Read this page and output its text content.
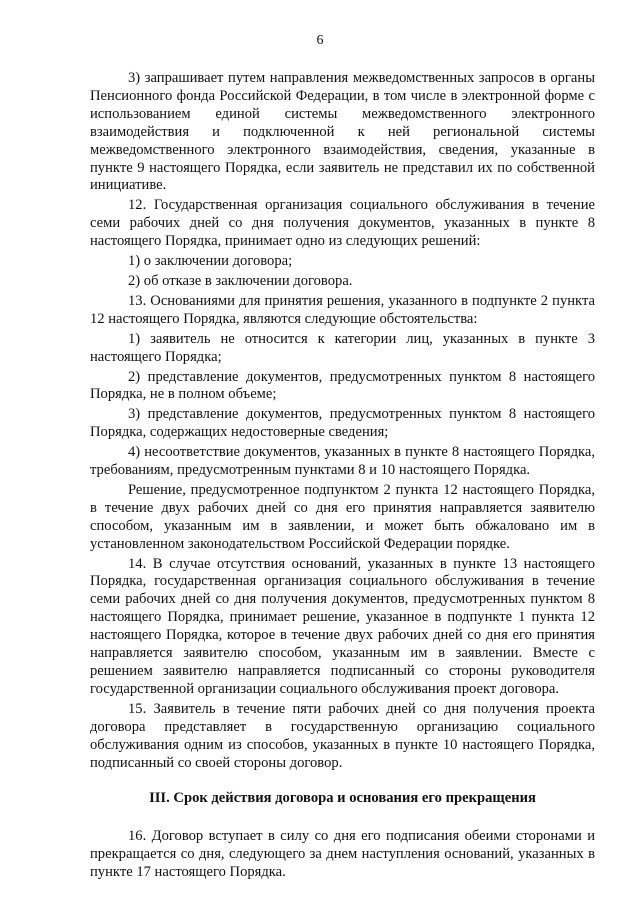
6

3) запрашивает путем направления межведомственных запросов в органы Пенсионного фонда Российской Федерации, в том числе в электронной форме с использованием единой системы межведомственного электронного взаимодействия и подключенной к ней региональной системы межведомственного электронного взаимодействия, сведения, указанные в пункте 9 настоящего Порядка, если заявитель не представил их по собственной инициативе.

12. Государственная организация социального обслуживания в течение семи рабочих дней со дня получения документов, указанных в пункте 8 настоящего Порядка, принимает одно из следующих решений:

1) о заключении договора;

2) об отказе в заключении договора.

13. Основаниями для принятия решения, указанного в подпункте 2 пункта 12 настоящего Порядка, являются следующие обстоятельства:

1) заявитель не относится к категории лиц, указанных в пункте 3 настоящего Порядка;

2) представление документов, предусмотренных пунктом 8 настоящего Порядка, не в полном объеме;

3) представление документов, предусмотренных пунктом 8 настоящего Порядка, содержащих недостоверные сведения;

4) несоответствие документов, указанных в пункте 8 настоящего Порядка, требованиям, предусмотренным пунктами 8 и 10 настоящего Порядка.

Решение, предусмотренное подпунктом 2 пункта 12 настоящего Порядка, в течение двух рабочих дней со дня его принятия направляется заявителю способом, указанным им в заявлении, и может быть обжаловано им в установленном законодательством Российской Федерации порядке.

14. В случае отсутствия оснований, указанных в пункте 13 настоящего Порядка, государственная организация социального обслуживания в течение семи рабочих дней со дня получения документов, предусмотренных пунктом 8 настоящего Порядка, принимает решение, указанное в подпункте 1 пункта 12 настоящего Порядка, которое в течение двух рабочих дней со дня его принятия направляется заявителю способом, указанным им в заявлении. Вместе с решением заявителю направляется подписанный со стороны руководителя государственной организации социального обслуживания проект договора.

15. Заявитель в течение пяти рабочих дней со дня получения проекта договора представляет в государственную организацию социального обслуживания одним из способов, указанных в пункте 10 настоящего Порядка, подписанный со своей стороны договор.

III. Срок действия договора и основания его прекращения

16. Договор вступает в силу со дня его подписания обеими сторонами и прекращается со дня, следующего за днем наступления оснований, указанных в пункте 17 настоящего Порядка.
